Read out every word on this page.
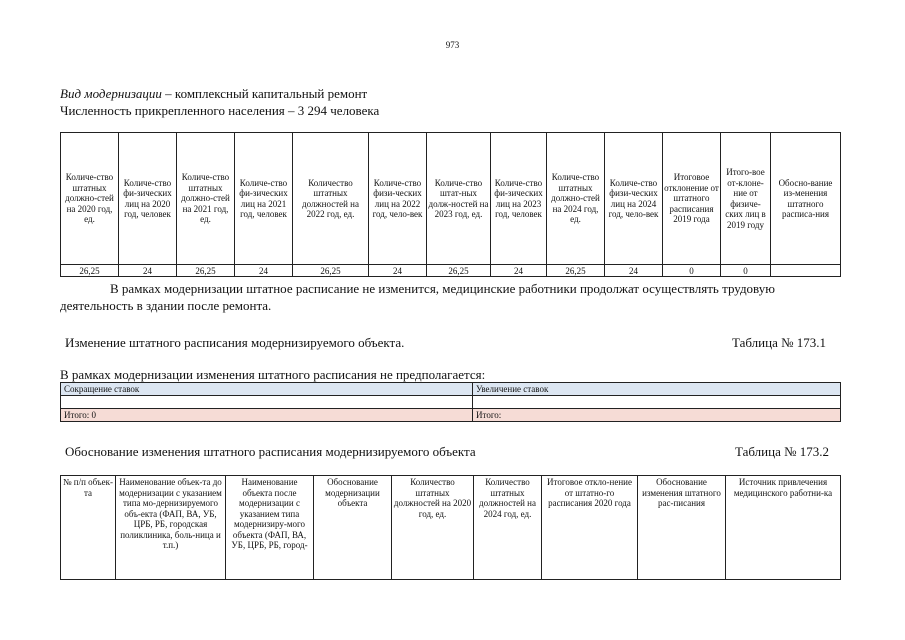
973
Вид модернизации – комплексный капитальный ремонт
Численность прикрепленного населения – 3 294 человека
Количе-ство штатных должно-стей на 2020 год, ед.	Количе-ство фи-зических лиц на 2020 год, человек	Количе-ство штатных должно-стей на 2021 год, ед.	Количе-ство фи-зических лиц на 2021 год, человек	Количество штатных должностей на 2022 год, ед.	Количе-ство физи-ческих лиц на 2022 год, чело-век	Количе-ство штат-ных долж-ностей на 2023 год, ед.	Количе-ство фи-зических лиц на 2023 год, человек	Количе-ство штатных должно-стей на 2024 год, ед.	Количе-ство физи-ческих лиц на 2024 год, чело-век	Итоговое отклонение от штатного расписания 2019 года	Итого-вое от-клоне-ние от физиче-ских лиц в 2019 году	Обосно-вание из-менения штатного расписа-ния
26,25	24	26,25	24	26,25	24	26,25	24	26,25	24	0	0	
В рамках модернизации штатное расписание не изменится, медицинские работники продолжат осуществлять трудовую деятельность в здании после ремонта.
Изменение штатного расписания модернизируемого объекта.	Таблица № 173.1
В рамках модернизации изменения штатного расписания не предполагается:
Сокращение ставок	Увеличение ставок

Итого: 0	Итого:
Обоснование изменения штатного расписания модернизируемого объекта	Таблица № 173.2
№ п/п объек-та	Наименование объек-та до модернизации с указанием типа мо-дернизируемого объ-екта (ФАП, ВА, УБ, ЦРБ, РБ, городская поликлиника, боль-ница и т.п.)	Наименование объекта после модернизации с указанием типа модернизиру-мого объекта (ФАП, ВА, УБ, ЦРБ, РБ, город-	Обоснование модернизации объекта	Количество штатных должностей на 2020 год, ед.	Количество штатных должностей на 2024 год, ед.	Итоговое откло-нение от штатно-го расписания 2020 года	Обоснование изменения штатного рас-писания	Источник привлечения медицинского работни-ка
